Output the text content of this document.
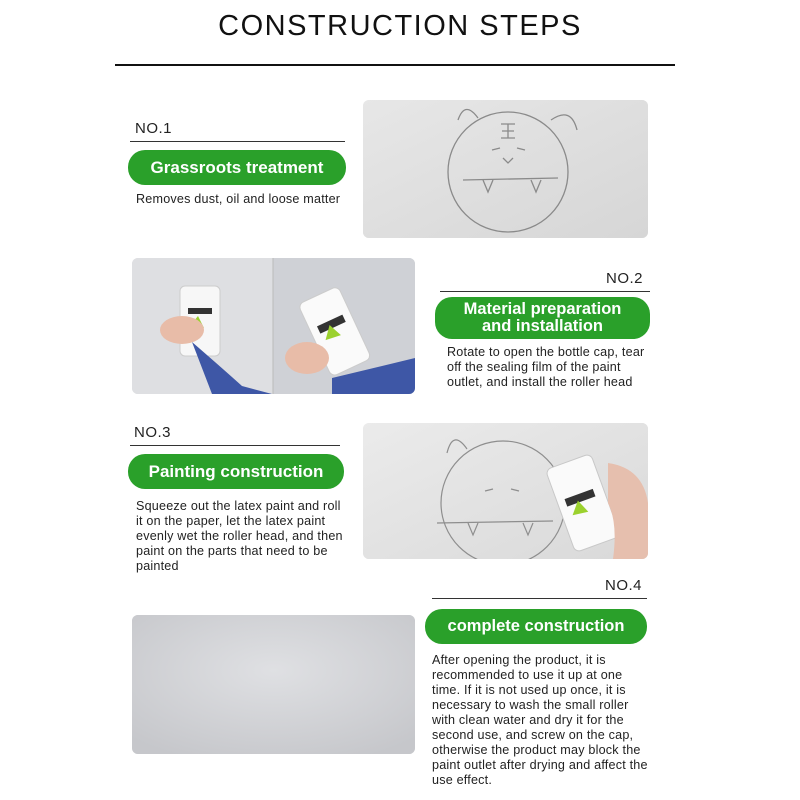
CONSTRUCTION STEPS
NO.1
Grassroots treatment
Removes dust, oil and loose matter
NO.2
Material preparation
and installation
Rotate to open the bottle cap, tear off the sealing film of the paint outlet, and install the roller head
NO.3
Painting construction
Squeeze out the latex paint and roll it on the paper, let the latex paint evenly wet the roller head, and then paint on the parts that need to be painted
NO.4
complete construction
After opening the product, it is recommended to use it up at one time. If it is not used up once, it is necessary to wash the small roller with clean water and dry it for the second use, and screw on the cap, otherwise the product may block the paint outlet after drying and affect the use effect.
